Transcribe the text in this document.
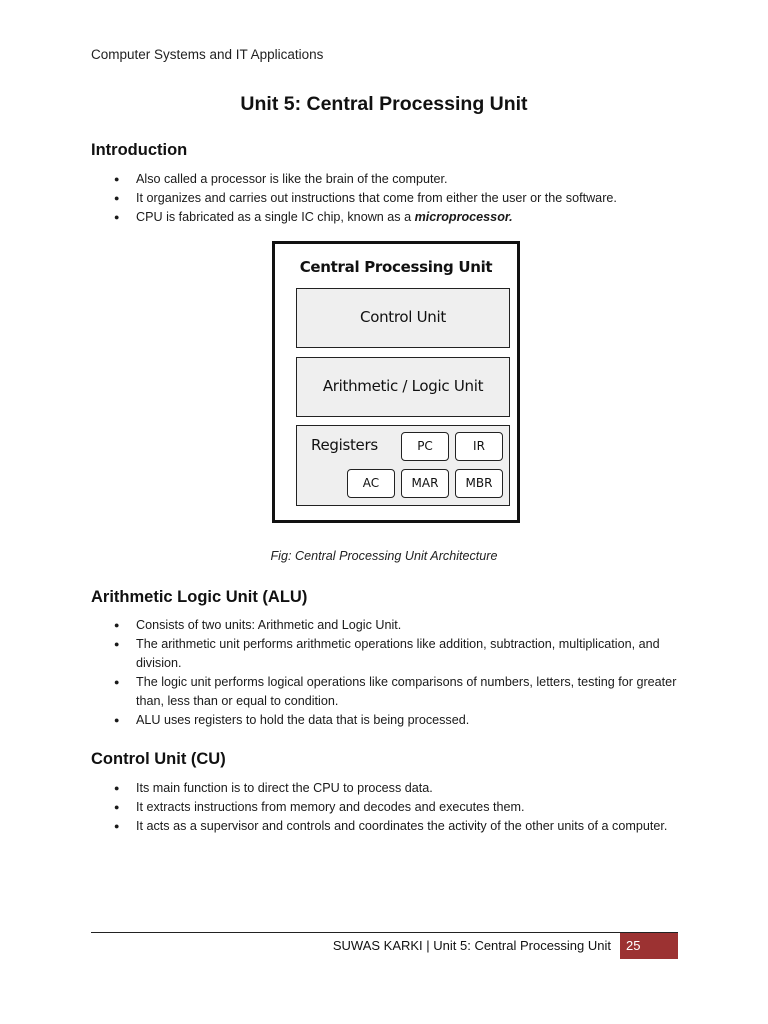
Computer Systems and IT Applications
Unit 5: Central Processing Unit
Introduction
● Also called a processor is like the brain of the computer.
● It organizes and carries out instructions that come from either the user or the software.
● CPU is fabricated as a single IC chip, known as a microprocessor.
Central Processing Unit
Control Unit
Arithmetic / Logic Unit
Registers	PC	IR
AC	MAR	MBR
Fig: Central Processing Unit Architecture
Arithmetic Logic Unit (ALU)
● Consists of two units: Arithmetic and Logic Unit.
● The arithmetic unit performs arithmetic operations like addition, subtraction, multiplication, and division.
● The logic unit performs logical operations like comparisons of numbers, letters, testing for greater than, less than or equal to condition.
● ALU uses registers to hold the data that is being processed.
Control Unit (CU)
● Its main function is to direct the CPU to process data.
● It extracts instructions from memory and decodes and executes them.
● It acts as a supervisor and controls and coordinates the activity of the other units of a computer.
SUWAS KARKI | Unit 5: Central Processing Unit	25
